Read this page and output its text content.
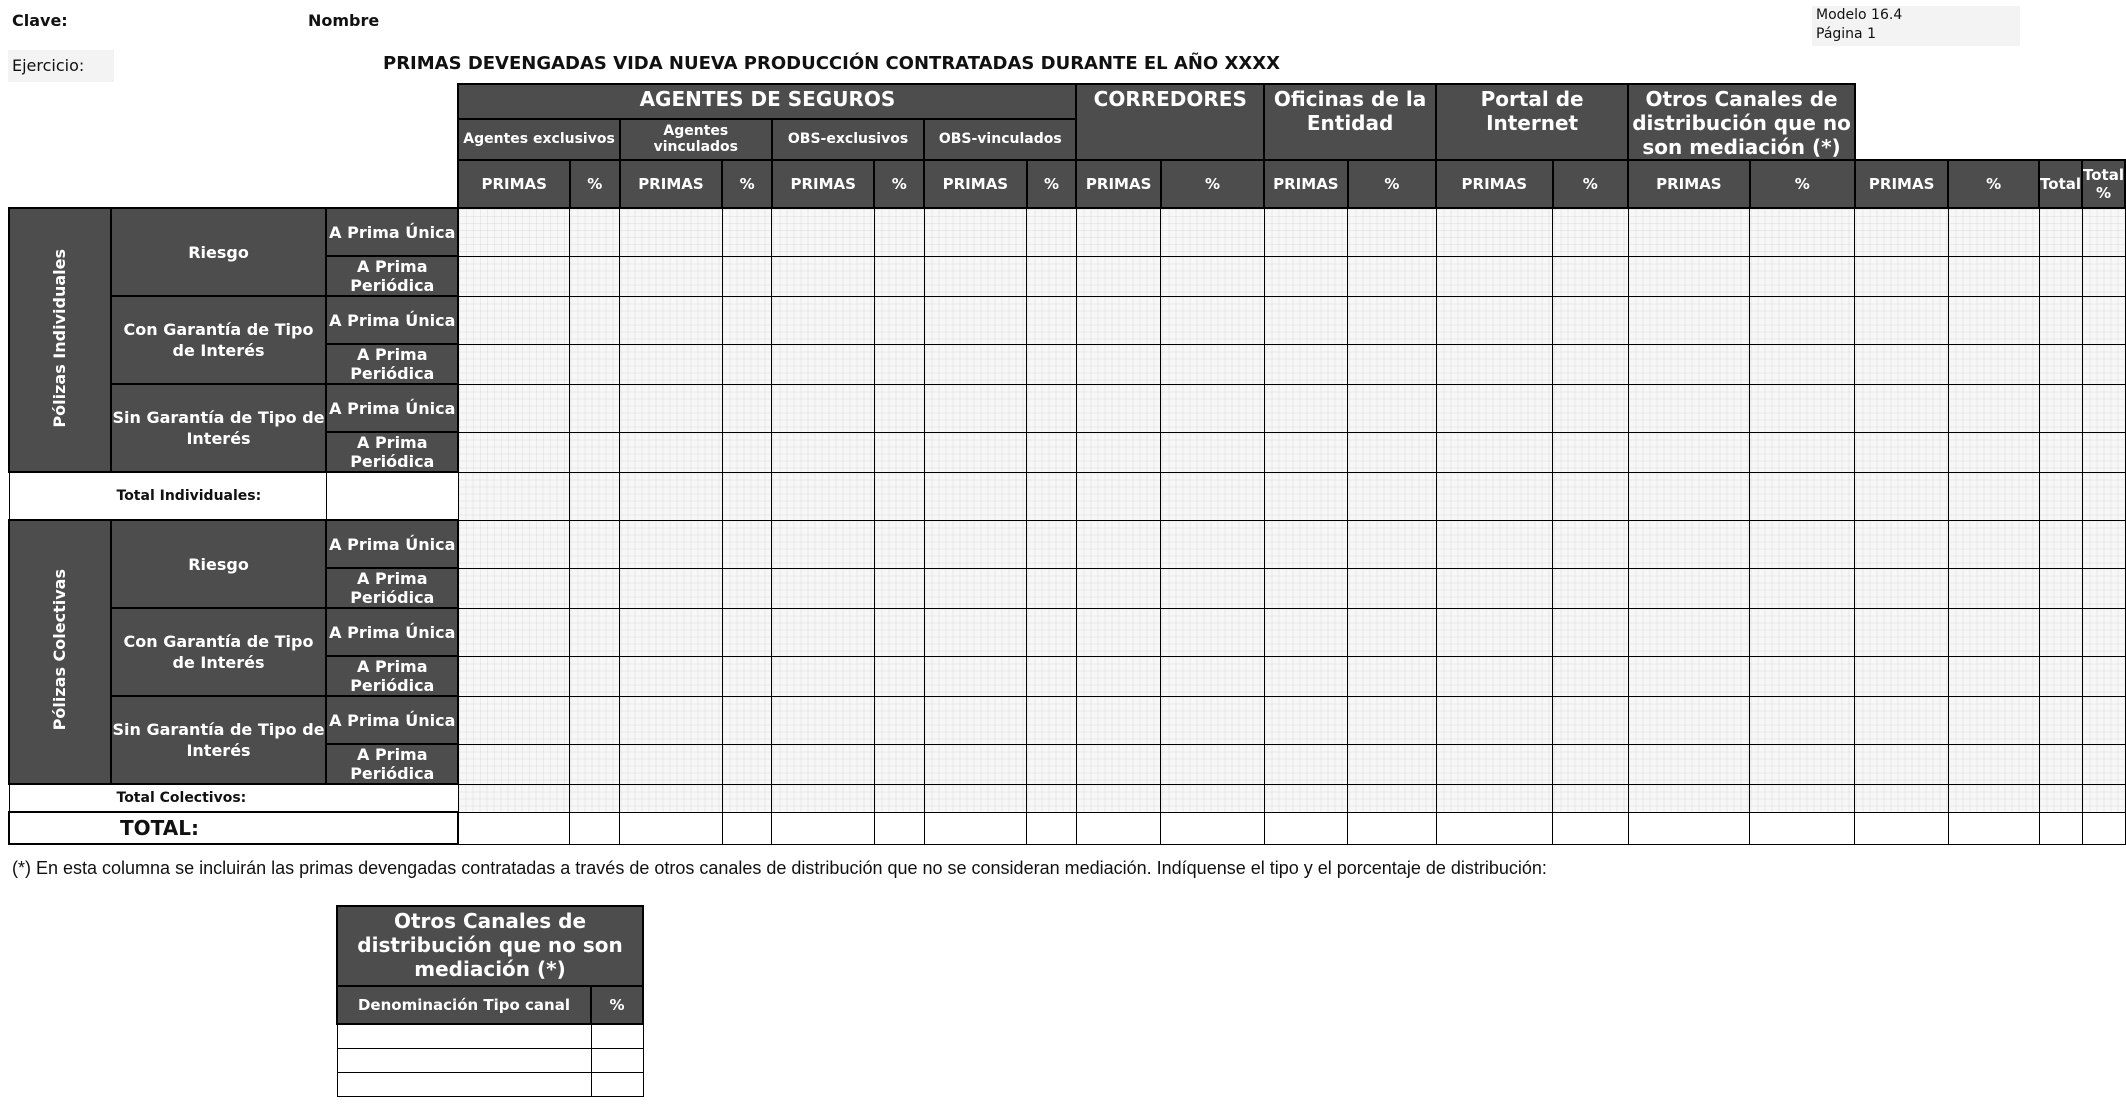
Clave:	Nombre	Modelo 16.4
Página 1
Ejercicio:	PRIMAS DEVENGADAS VIDA NUEVA PRODUCCIÓN CONTRATADAS DURANTE EL AÑO XXXX
			AGENTES DE SEGUROS								CORREDORES		Oficinas de la Entidad		Portal de Internet		Otros Canales de distribución que no son mediación (*)					
			Agentes exclusivos		Agentes vinculados		OBS-exclusivos		OBS-vinculados													
			PRIMAS	%	PRIMAS	%	PRIMAS	%	PRIMAS	%	PRIMAS	%	PRIMAS	%	PRIMAS	%	PRIMAS	%	PRIMAS	%	Total	Total %
Pólizas Individuales	Riesgo	A Prima Única																				
		A Prima Periódica																				
	Con Garantía de Tipo de Interés	A Prima Única																				
		A Prima Periódica																				
	Sin Garantía de Tipo de Interés	A Prima Única																				
		A Prima Periódica																				
Total Individuales:																						
Pólizas Colectivas	Riesgo	A Prima Única																				
		A Prima Periódica																				
	Con Garantía de Tipo de Interés	A Prima Única																				
		A Prima Periódica																				
	Sin Garantía de Tipo de Interés	A Prima Única																				
		A Prima Periódica																				
Total Colectivos:																						
TOTAL:																						
(*) En esta columna se incluirán las primas devengadas contratadas a través de otros canales de distribución que no se consideran mediación. Indíquense el tipo y el porcentaje de distribución:
Otros Canales de distribución que no son mediación (*)	
Denominación Tipo canal	%
